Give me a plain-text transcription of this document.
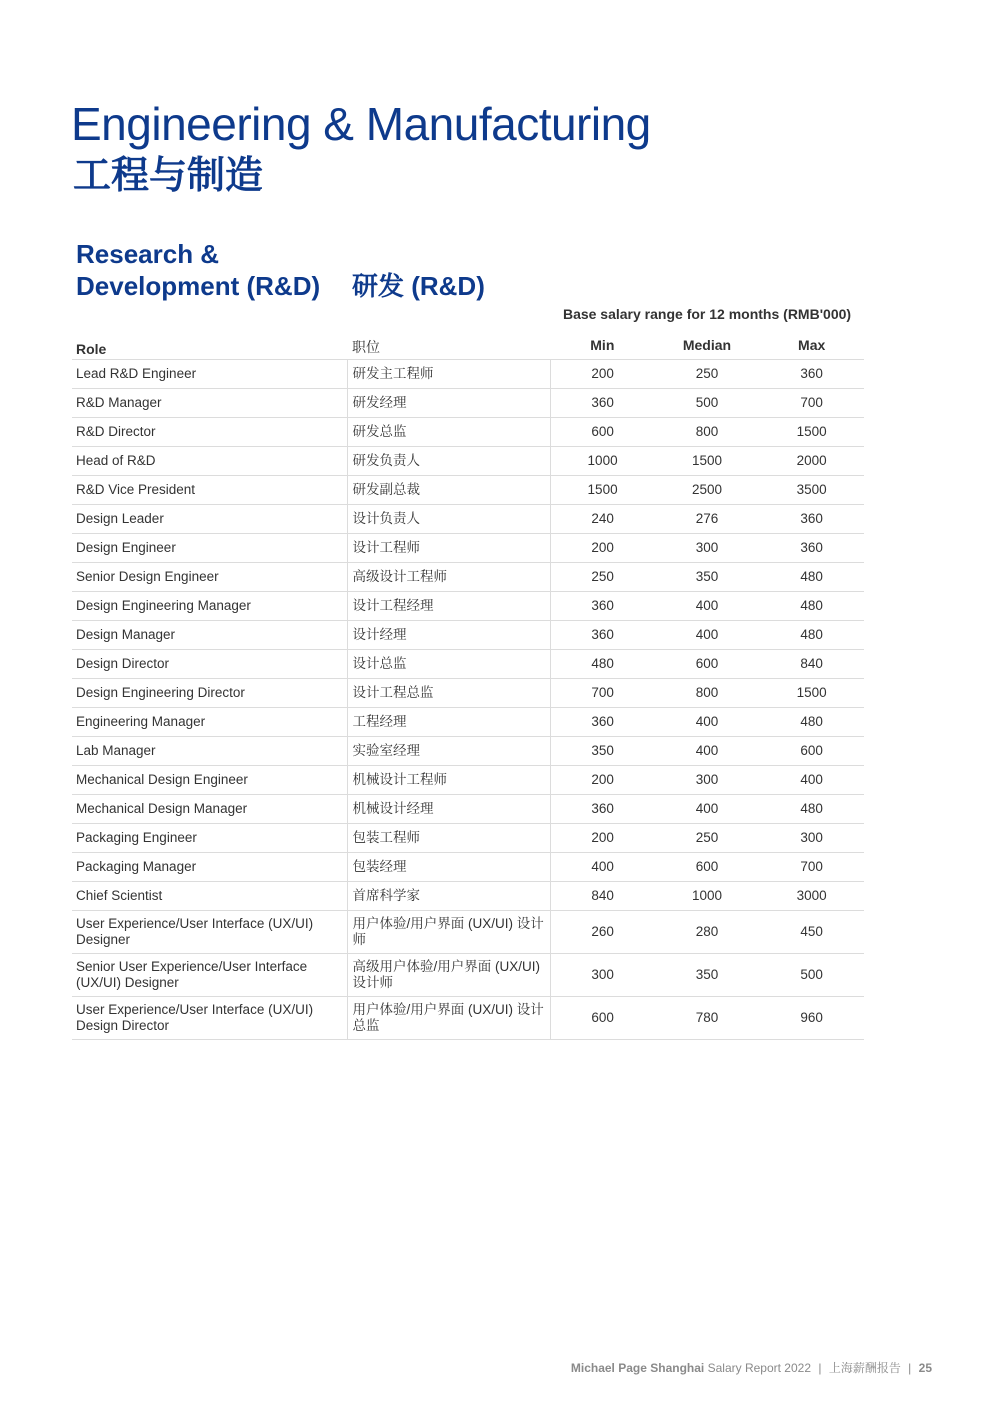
Engineering & Manufacturing
工程与制造
Research & Development (R&D)	研发 (R&D)
Base salary range for 12 months (RMB'000)
Role	职位	Min	Median	Max
Lead R&D Engineer	研发主工程师	200	250	360
R&D Manager	研发经理	360	500	700
R&D Director	研发总监	600	800	1500
Head of R&D	研发负责人	1000	1500	2000
R&D Vice President	研发副总裁	1500	2500	3500
Design Leader	设计负责人	240	276	360
Design Engineer	设计工程师	200	300	360
Senior Design Engineer	高级设计工程师	250	350	480
Design Engineering Manager	设计工程经理	360	400	480
Design Manager	设计经理	360	400	480
Design Director	设计总监	480	600	840
Design Engineering Director	设计工程总监	700	800	1500
Engineering Manager	工程经理	360	400	480
Lab Manager	实验室经理	350	400	600
Mechanical Design Engineer	机械设计工程师	200	300	400
Mechanical Design Manager	机械设计经理	360	400	480
Packaging Engineer	包装工程师	200	250	300
Packaging Manager	包装经理	400	600	700
Chief Scientist	首席科学家	840	1000	3000
User Experience/User Interface (UX/UI) Designer	用户体验/用户界面 (UX/UI) 设计师	260	280	450
Senior User Experience/User Interface (UX/UI) Designer	高级用户体验/用户界面 (UX/UI) 设计师	300	350	500
User Experience/User Interface (UX/UI) Design Director	用户体验/用户界面 (UX/UI) 设计总监	600	780	960
Michael Page Shanghai Salary Report 2022 | 上海薪酬报告 | 25
